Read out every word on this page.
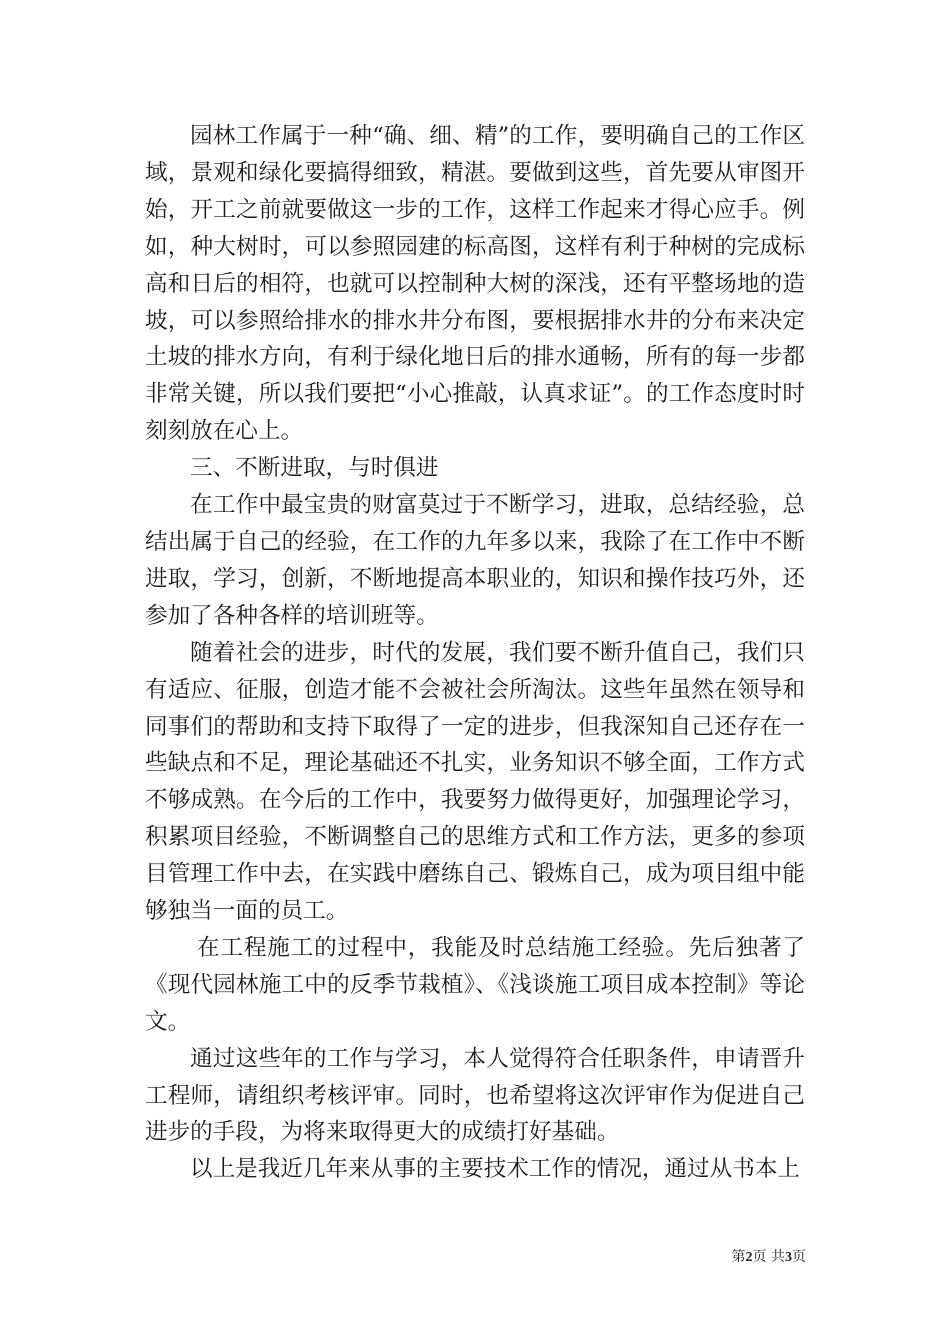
园林工作属于一种“确、细、精”的工作，要明确自己的工作区域，景观和绿化要搞得细致，精湛。要做到这些，首先要从审图开始，开工之前就要做这一步的工作，这样工作起来才得心应手。例如，种大树时，可以参照园建的标高图，这样有利于种树的完成标高和日后的相符，也就可以控制种大树的深浅，还有平整场地的造坡，可以参照给排水的排水井分布图，要根据排水井的分布来决定土坡的排水方向，有利于绿化地日后的排水通畅，所有的每一步都非常关键，所以我们要把“小心推敲，认真求证”。的工作态度时时刻刻放在心上。

三、不断进取，与时俱进

在工作中最宝贵的财富莫过于不断学习，进取，总结经验，总结出属于自己的经验，在工作的九年多以来，我除了在工作中不断进取，学习，创新，不断地提高本职业的，知识和操作技巧外，还参加了各种各样的培训班等。

随着社会的进步，时代的发展，我们要不断升值自己，我们只有适应、征服，创造才能不会被社会所淘汰。这些年虽然在领导和同事们的帮助和支持下取得了一定的进步，但我深知自己还存在一些缺点和不足，理论基础还不扎实，业务知识不够全面，工作方式不够成熟。在今后的工作中，我要努力做得更好，加强理论学习，积累项目经验，不断调整自己的思维方式和工作方法，更多的参项目管理工作中去，在实践中磨练自己、锻炼自己，成为项目组中能够独当一面的员工。

在工程施工的过程中，我能及时总结施工经验。先后独著了《现代园林施工中的反季节栽植》、《浅谈施工项目成本控制》等论文。

通过这些年的工作与学习，本人觉得符合任职条件，申请晋升工程师，请组织考核评审。同时，也希望将这次评审作为促进自己进步的手段，为将来取得更大的成绩打好基础。

以上是我近几年来从事的主要技术工作的情况，通过从书本上

第2页 共3页
